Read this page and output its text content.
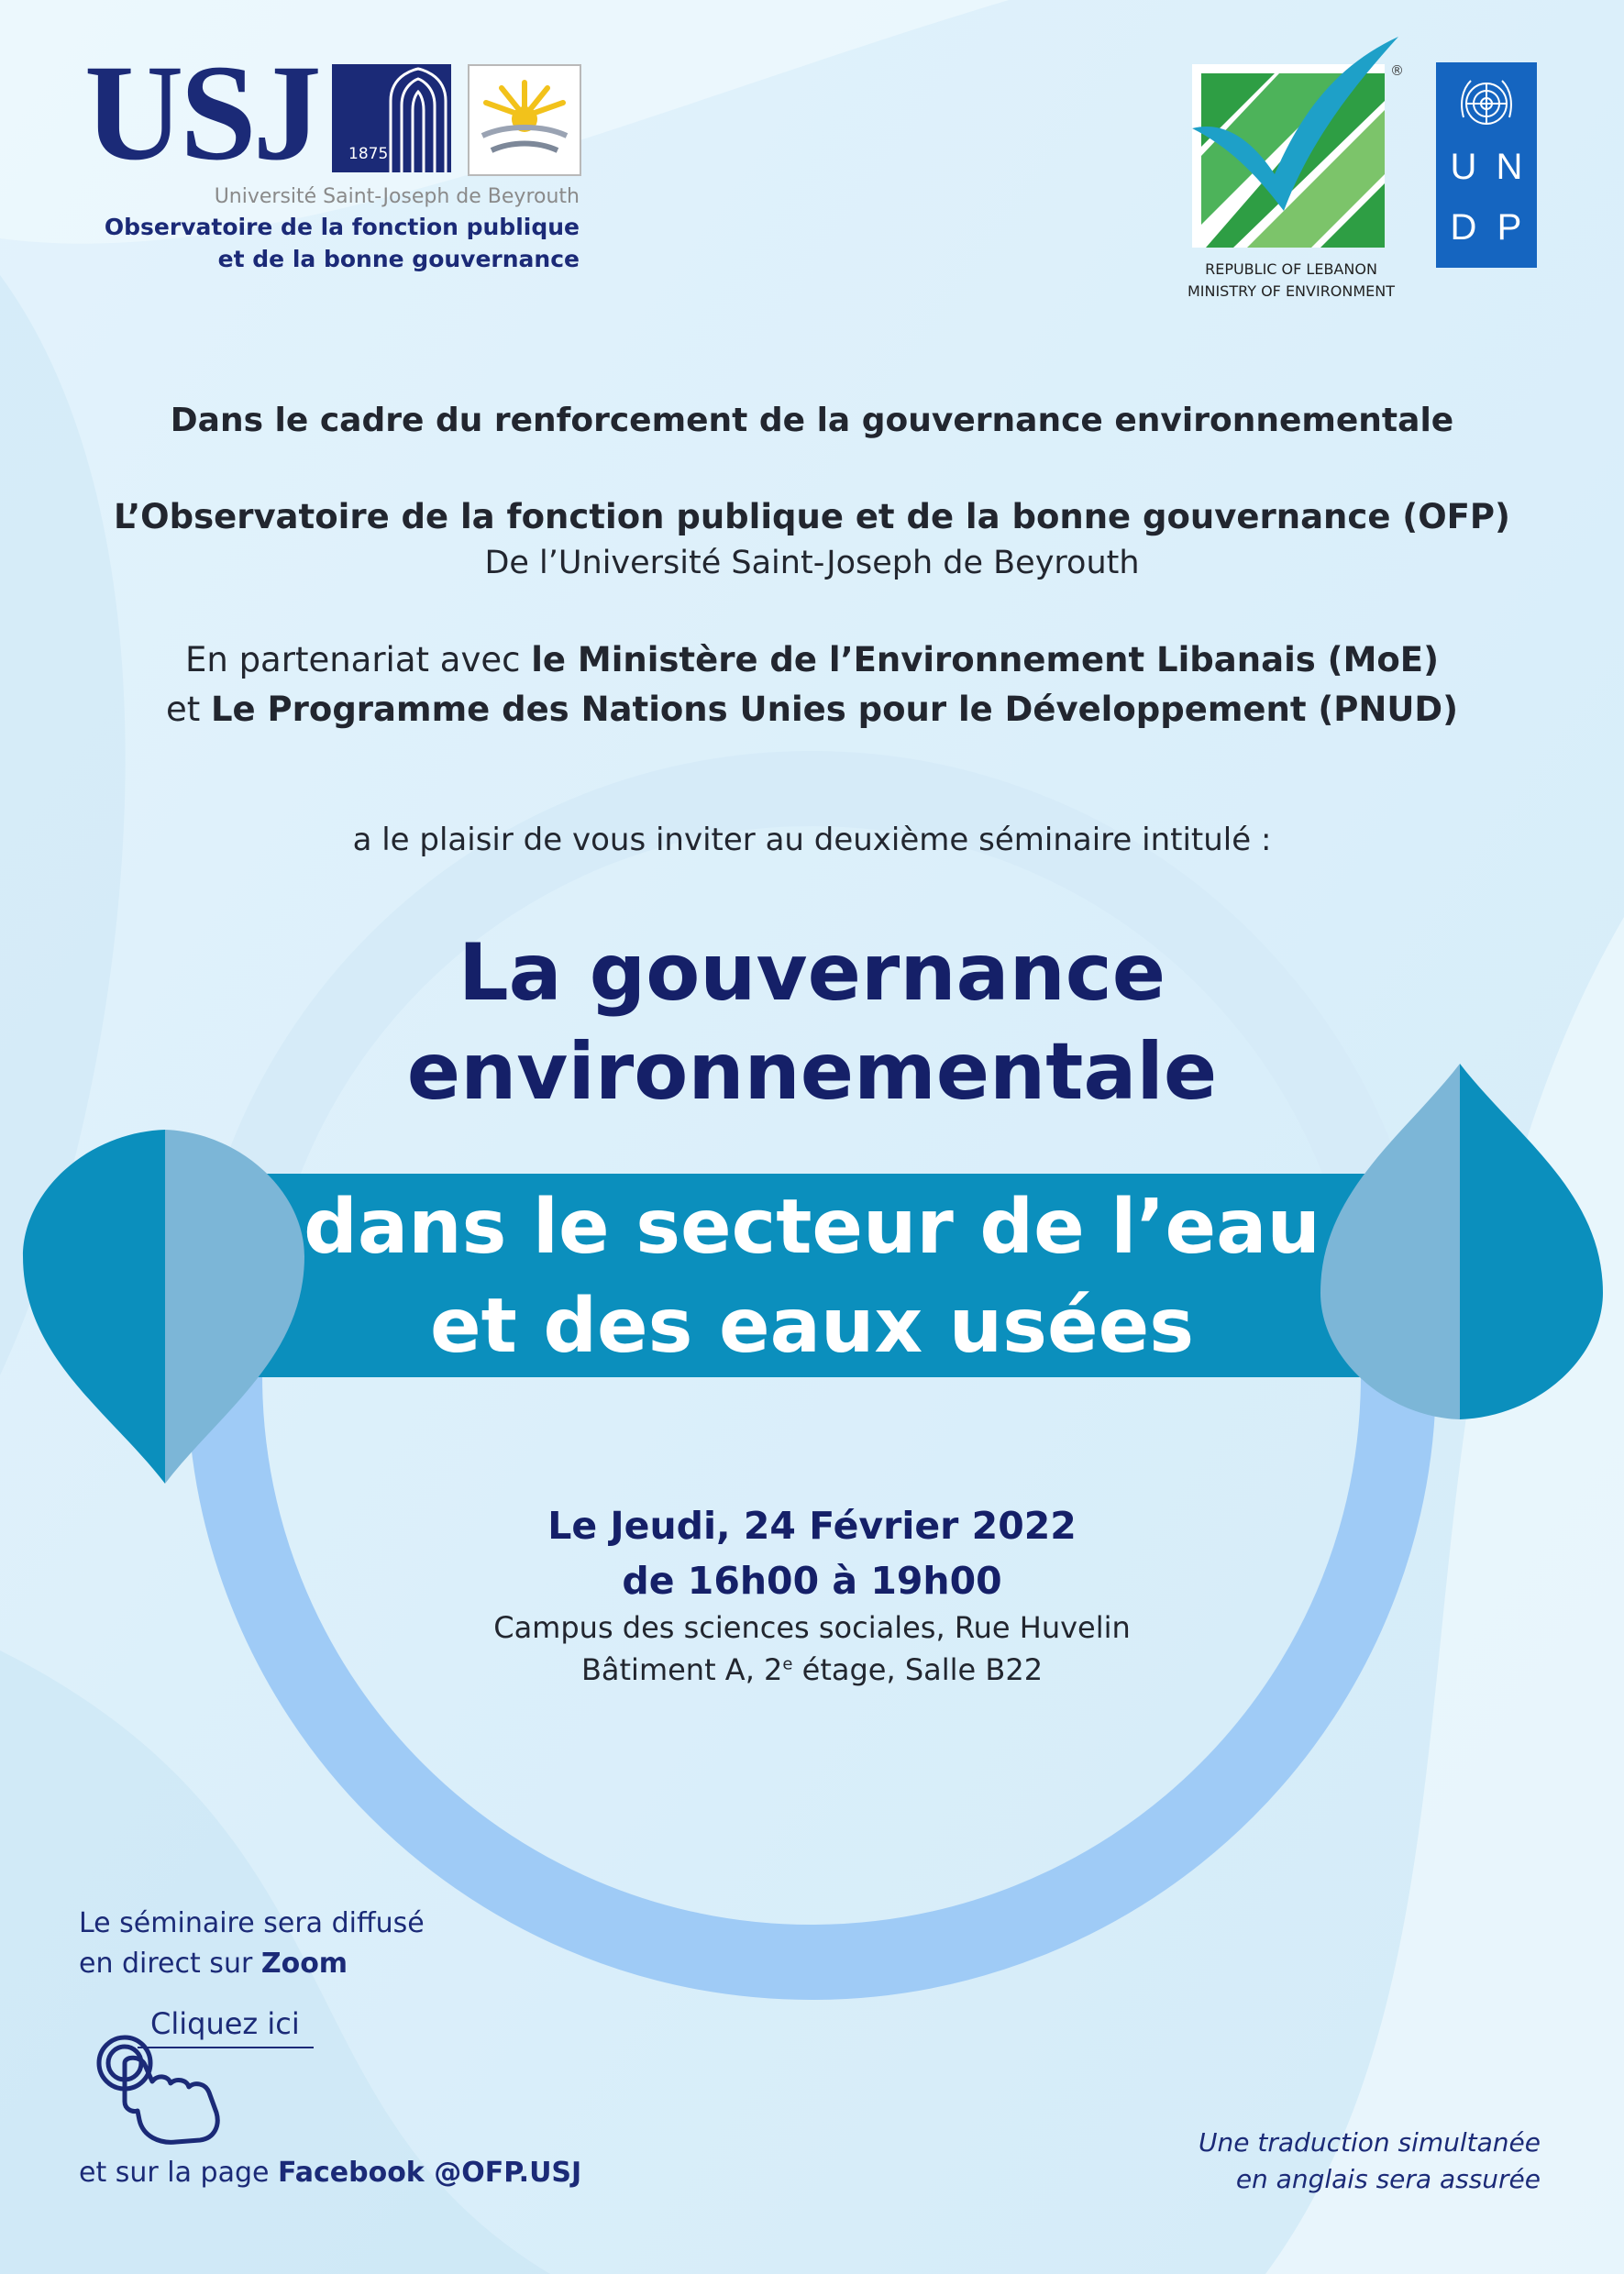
USJ 1875
Université Saint-Joseph de Beyrouth
Observatoire de la fonction publique
et de la bonne gouvernance
®
REPUBLIC OF LEBANON
MINISTRY OF ENVIRONMENT
U N
D P
Dans le cadre du renforcement de la gouvernance environnementale
L’Observatoire de la fonction publique et de la bonne gouvernance (OFP)
De l’Université Saint-Joseph de Beyrouth
En partenariat avec le Ministère de l’Environnement Libanais (MoE)
et Le Programme des Nations Unies pour le Développement (PNUD)
a le plaisir de vous inviter au deuxième séminaire intitulé :
La gouvernance
environnementale
dans le secteur de l’eau
et des eaux usées
Le Jeudi, 24 Février 2022
de 16h00 à 19h00
Campus des sciences sociales, Rue Huvelin
Bâtiment A, 2e étage, Salle B22
Le séminaire sera diffusé
en direct sur Zoom
Cliquez ici
et sur la page Facebook @OFP.USJ
Une traduction simultanée
en anglais sera assurée
